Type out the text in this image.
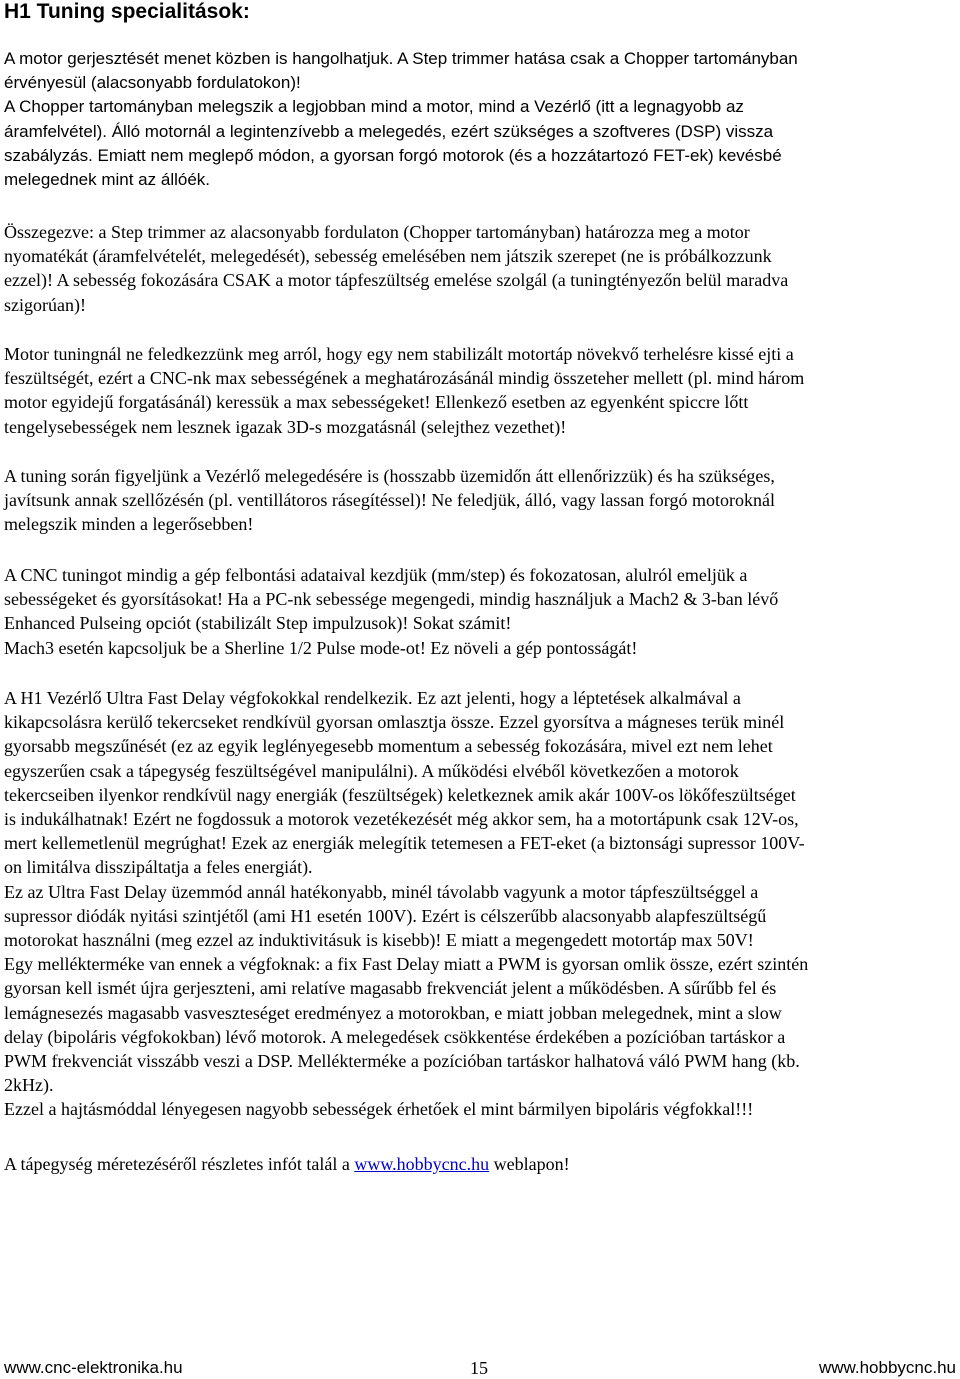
H1 Tuning specialitások:
A motor gerjesztését menet közben is hangolhatjuk. A Step trimmer hatása csak a Chopper tartományban
érvényesül (alacsonyabb fordulatokon)!
A Chopper tartományban melegszik a legjobban mind a motor, mind a Vezérlő (itt a legnagyobb az
áramfelvétel). Álló motornál a legintenzívebb a melegedés, ezért szükséges a szoftveres (DSP) vissza
szabályzás. Emiatt nem meglepő módon, a gyorsan forgó motorok (és a hozzátartozó FET-ek) kevésbé
melegednek mint az állóék.
Összegezve: a Step trimmer az alacsonyabb fordulaton (Chopper tartományban) határozza meg a motor
nyomatékát (áramfelvételét, melegedését), sebesség emelésében nem játszik szerepet (ne is próbálkozzunk
ezzel)! A sebesség fokozására CSAK a motor tápfeszültség emelése szolgál (a tuningtényezőn belül maradva
szigorúan)!
Motor tuningnál ne feledkezzünk meg arról, hogy egy nem stabilizált motortáp növekvő terhelésre kissé ejti a
feszültségét, ezért a CNC-nk max sebességének a meghatározásánál mindig összeteher mellett (pl. mind három
motor egyidejű forgatásánál) keressük a max sebességeket! Ellenkező esetben az egyenként spiccre lőtt
tengelysebességek nem lesznek igazak 3D-s mozgatásnál (selejthez vezethet)!
A tuning során figyeljünk a Vezérlő melegedésére is (hosszabb üzemidőn átt ellenőrizzük) és ha szükséges,
javítsunk annak szellőzésén (pl. ventillátoros rásegítéssel)! Ne feledjük, álló, vagy lassan forgó motoroknál
melegszik minden a legerősebben!
A CNC tuningot mindig a gép felbontási adataival kezdjük (mm/step) és fokozatosan, alulról emeljük a
sebességeket és gyorsításokat! Ha a PC-nk sebessége megengedi, mindig használjuk a Mach2 & 3-ban lévő
Enhanced Pulseing opciót (stabilizált Step impulzusok)! Sokat számit!
Mach3 esetén kapcsoljuk be a Sherline 1/2 Pulse mode-ot! Ez növeli a gép pontosságát!
A H1 Vezérlő Ultra Fast Delay végfokokkal rendelkezik. Ez azt jelenti, hogy a léptetések alkalmával a
kikapcsolásra kerülő tekercseket rendkívül gyorsan omlasztja össze. Ezzel gyorsítva a mágneses terük minél
gyorsabb megszűnését (ez az egyik leglényegesebb momentum a sebesség fokozására, mivel ezt nem lehet
egyszerűen csak a tápegység feszültségével manipulálni). A működési elvéből következően a motorok
tekercseiben ilyenkor rendkívül nagy energiák (feszültségek) keletkeznek amik akár 100V-os lökőfeszültséget
is indukálhatnak! Ezért ne fogdossuk a motorok vezetékezését még akkor sem, ha a motortápunk csak 12V-os,
mert kellemetlenül megrúghat! Ezek az energiák melegítik tetemesen a FET-eket (a biztonsági supressor 100V-
on limitálva disszipáltatja a feles energiát).
Ez az Ultra Fast Delay üzemmód annál hatékonyabb, minél távolabb vagyunk a motor tápfeszültséggel a
supressor diódák nyitási szintjétől (ami H1 esetén 100V). Ezért is célszerűbb alacsonyabb alapfeszültségű
motorokat használni (meg ezzel az induktivitásuk is kisebb)! E miatt a megengedett motortáp max 50V!
Egy mellékterméke van ennek a végfoknak: a fix Fast Delay miatt a PWM is gyorsan omlik össze, ezért szintén
gyorsan kell ismét újra gerjeszteni, ami relatíve magasabb frekvenciát jelent a működésben. A sűrűbb fel és
lemágnesezés magasabb vasveszteséget eredményez a motorokban, e miatt jobban melegednek, mint a slow
delay (bipoláris végfokokban) lévő motorok. A melegedések csökkentése érdekében a pozícióban tartáskor a
PWM frekvenciát visszább veszi a DSP. Mellékterméke a pozícióban tartáskor halhatová váló PWM hang (kb.
2kHz).
Ezzel a hajtásmóddal lényegesen nagyobb sebességek érhetőek el mint bármilyen bipoláris végfokkal!!!

A tápegység méretezéséről részletes infót talál a www.hobbycnc.hu weblapon!

www.cnc-elektronika.hu	15	www.hobbycnc.hu
